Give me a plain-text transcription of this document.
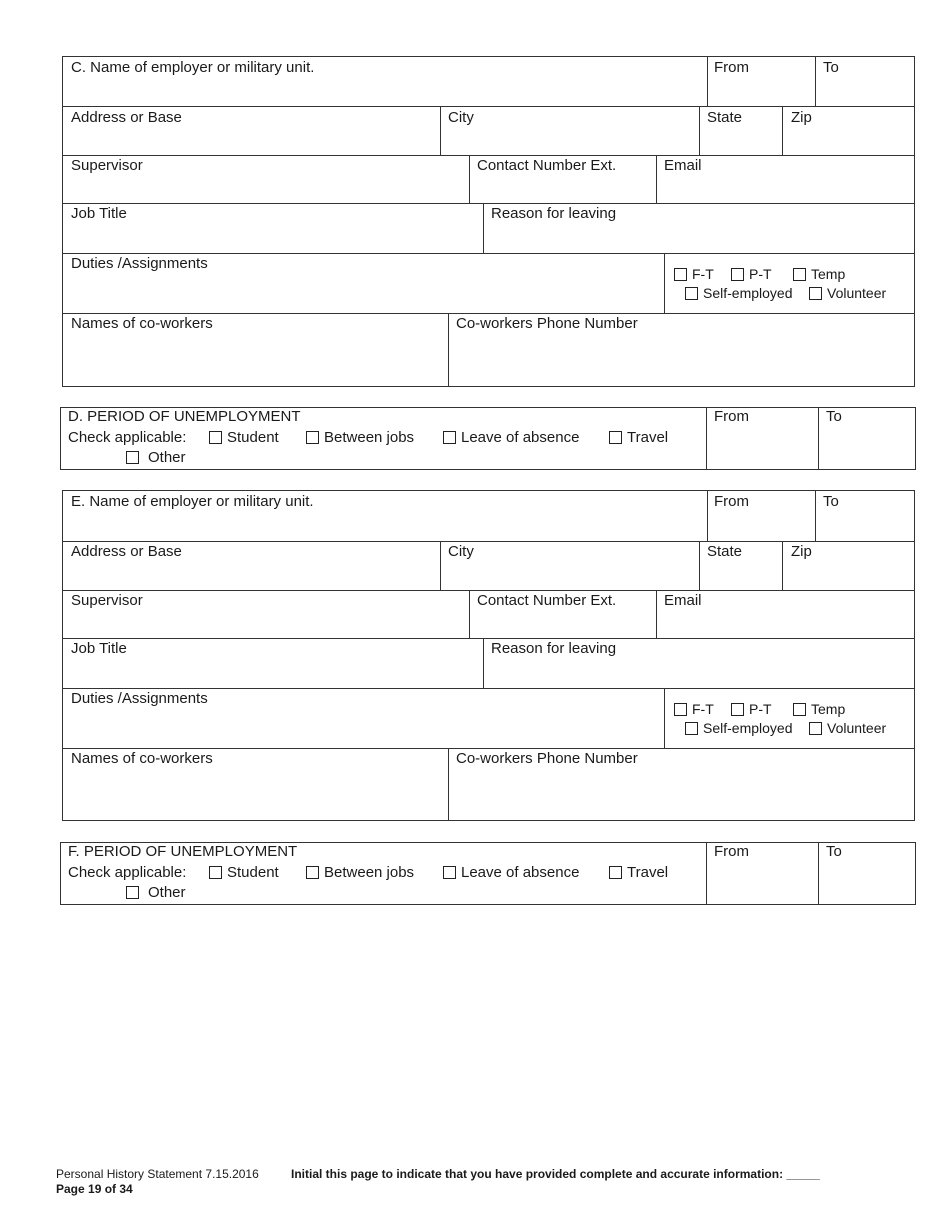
C. Name of employer or military unit.	From	To
Address or Base	City	State	Zip
Supervisor	Contact Number Ext.	Email
Job Title	Reason for leaving
Duties /Assignments
F-T	P-T	Temp
Self-employed	Volunteer
Names of co-workers	Co-workers Phone Number
D. PERIOD OF UNEMPLOYMENT
Check applicable:	Student	Between jobs	Leave of absence	Travel
Other
From	To
E. Name of employer or military unit.	From	To
Address or Base	City	State	Zip
Supervisor	Contact Number Ext.	Email
Job Title	Reason for leaving
Duties /Assignments
F-T	P-T	Temp
Self-employed	Volunteer
Names of co-workers	Co-workers Phone Number
F. PERIOD OF UNEMPLOYMENT
Check applicable:	Student	Between jobs	Leave of absence	Travel
Other
From	To
Personal History Statement 7.15.2016	Initial this page to indicate that you have provided complete and accurate information: _____
Page 19 of 34
